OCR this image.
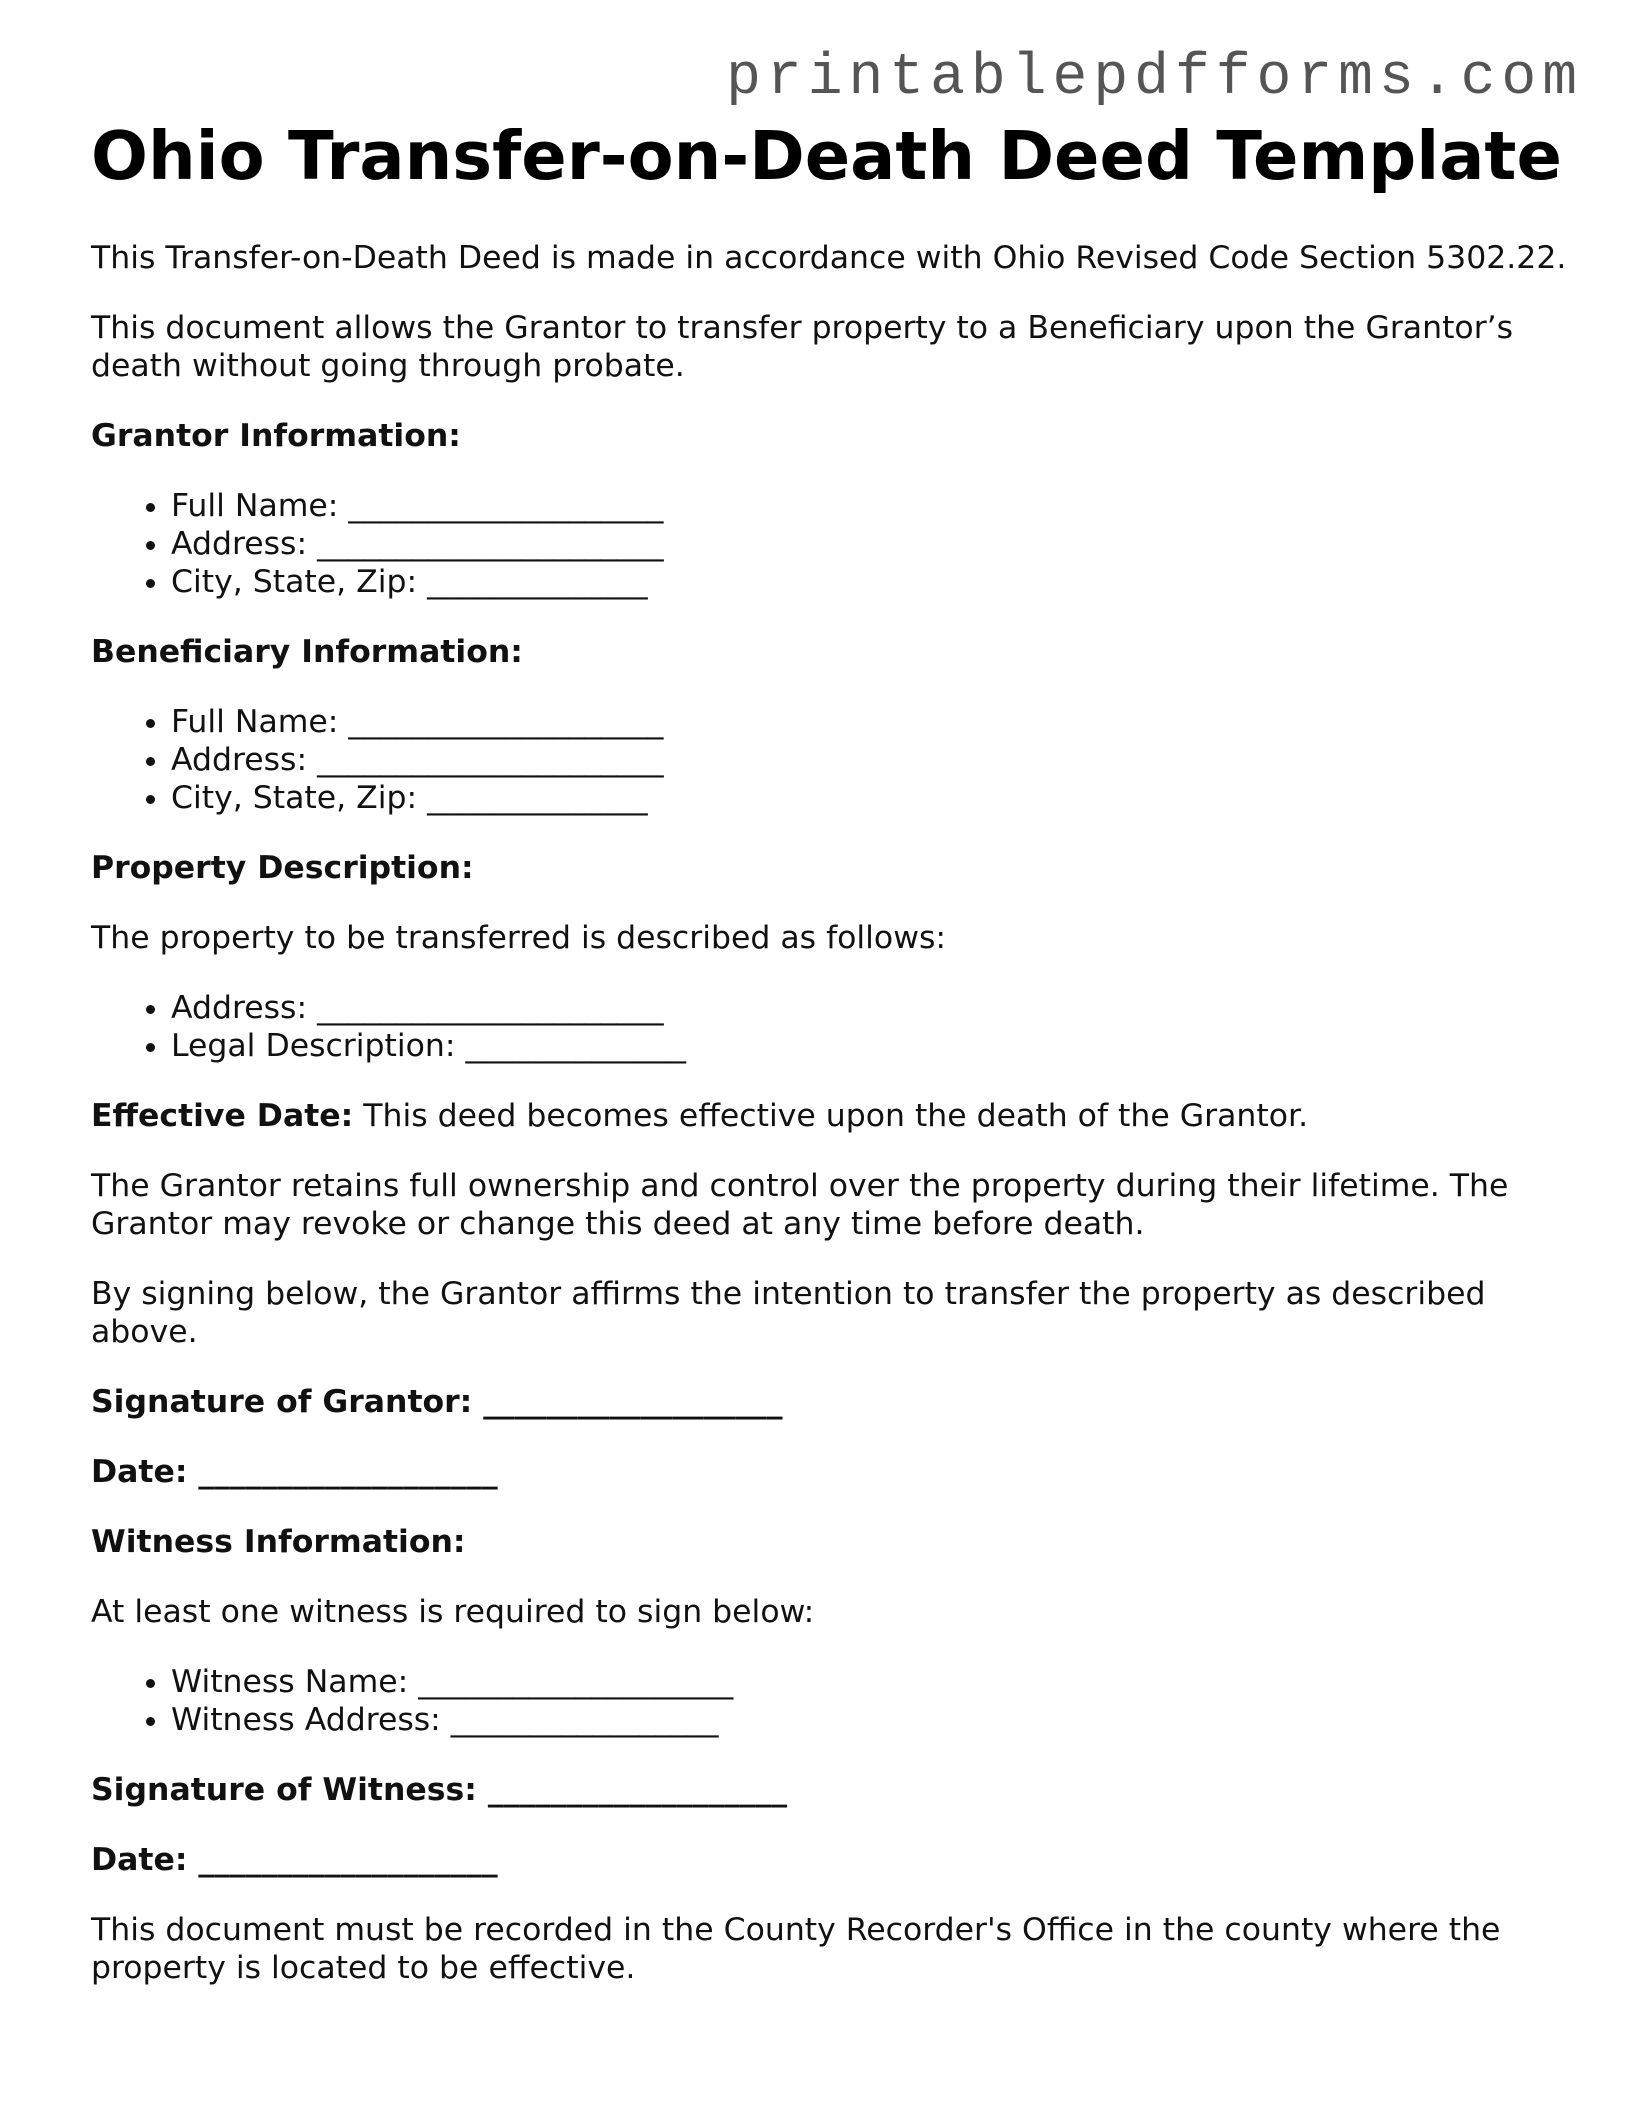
printablepdfforms.com
Ohio Transfer-on-Death Deed Template

This Transfer-on-Death Deed is made in accordance with Ohio Revised Code Section 5302.22.

This document allows the Grantor to transfer property to a Beneficiary upon the Grantor’s death without going through probate.

Grantor Information:

• Full Name: ____________________
• Address: ______________________
• City, State, Zip: ______________

Beneficiary Information:

• Full Name: ____________________
• Address: ______________________
• City, State, Zip: ______________

Property Description:

The property to be transferred is described as follows:

• Address: ______________________
• Legal Description: ______________

Effective Date: This deed becomes effective upon the death of the Grantor.

The Grantor retains full ownership and control over the property during their lifetime. The Grantor may revoke or change this deed at any time before death.

By signing below, the Grantor affirms the intention to transfer the property as described above.

Signature of Grantor: ___________________

Date: ___________________

Witness Information:

At least one witness is required to sign below:

• Witness Name: ____________________
• Witness Address: _________________

Signature of Witness: ___________________

Date: ___________________

This document must be recorded in the County Recorder's Office in the county where the property is located to be effective.
